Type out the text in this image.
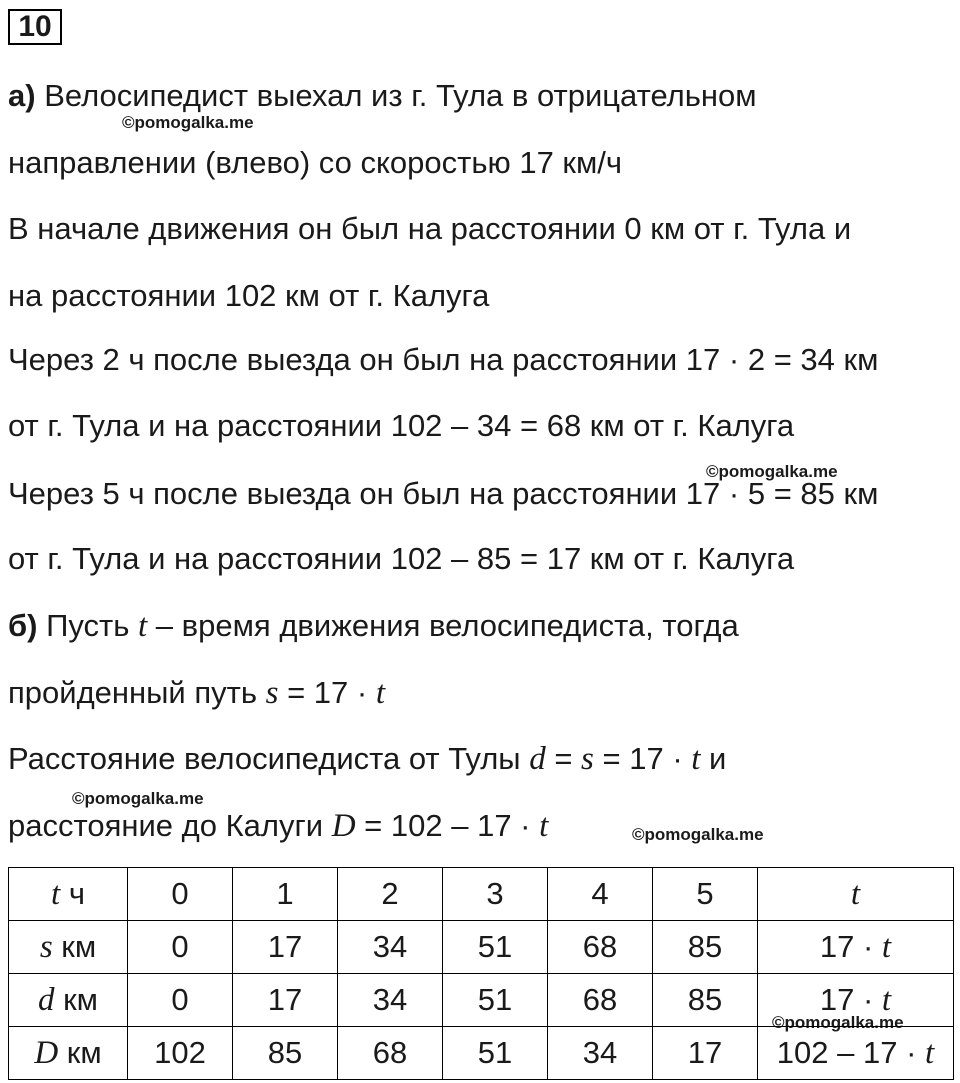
10
а) Велосипедист выехал из г. Тула в отрицательном
направлении (влево) со скоростью 17 км/ч
В начале движения он был на расстоянии 0 км от г. Тула и
на расстоянии 102 км от г. Калуга
Через 2 ч после выезда он был на расстоянии 17 · 2 = 34 км
от г. Тула и на расстоянии 102 – 34 = 68 км от г. Калуга
Через 5 ч после выезда он был на расстоянии 17 · 5 = 85 км
от г. Тула и на расстоянии 102 – 85 = 17 км от г. Калуга
б) Пусть t – время движения велосипедиста, тогда
пройденный путь s = 17 · t
Расстояние велосипедиста от Тулы d = s = 17 · t и
расстояние до Калуги D = 102 – 17 · t
©pomogalka.me
©pomogalka.me
©pomogalka.me
©pomogalka.me
©pomogalka.me
t ч	0	1	2	3	4	5	t
s км	0	17	34	51	68	85	17 · t
d км	0	17	34	51	68	85	17 · t
D км	102	85	68	51	34	17	102 – 17 · t
